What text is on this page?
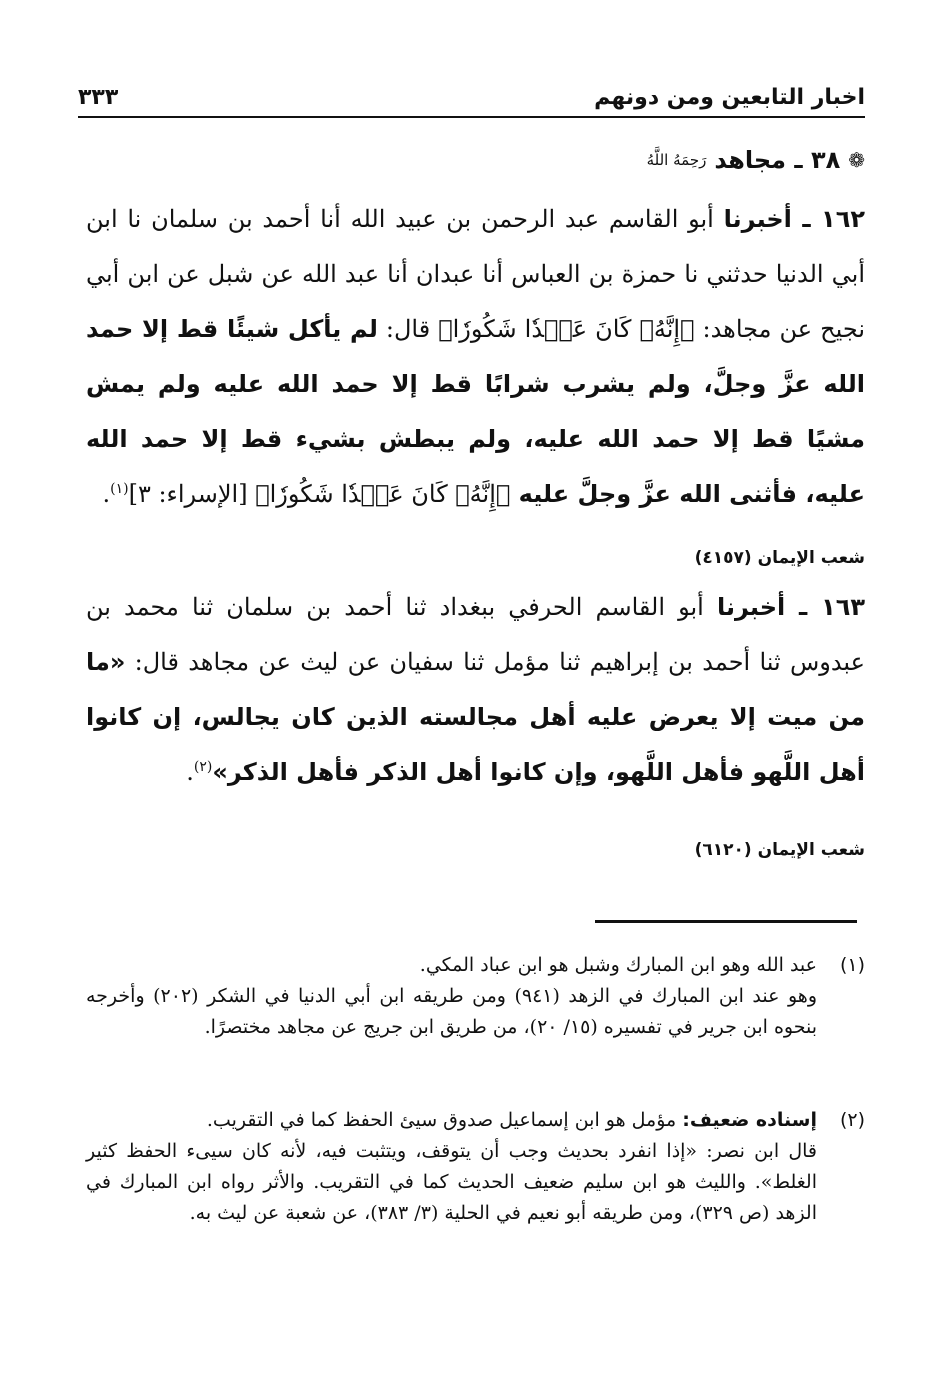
اخبار التابعين ومن دونهم
٣٣٣
❁
٣٨ ـ مجاهد
رَحِمَهُ اللَّهُ
١٦٢ ـ أخبرنا أبو القاسم عبد الرحمن بن عبيد الله أنا أحمد بن سلمان نا ابن أبي الدنيا حدثني نا حمزة بن العباس أنا عبدان أنا عبد الله عن شبل عن ابن أبي نجيح عن مجاهد: ﴿إِنَّهُۥ كَانَ عَبۡدٗا شَكُورٗا﴾ قال: لم يأكل شيئًا قط إلا حمد الله عزَّ وجلَّ، ولم يشرب شرابًا قط إلا حمد الله عليه ولم يمش مشيًا قط إلا حمد الله عليه، ولم يبطش بشيء قط إلا حمد الله عليه، فأثنى الله عزَّ وجلَّ عليه ﴿إِنَّهُۥ كَانَ عَبۡدٗا شَكُورٗا﴾ [الإسراء: ٣]$^{(١)}$.
شعب الإيمان (٤١٥٧)
١٦٣ ـ أخبرنا أبو القاسم الحرفي ببغداد ثنا أحمد بن سلمان ثنا محمد بن عبدوس ثنا أحمد بن إبراهيم ثنا مؤمل ثنا سفيان عن ليث عن مجاهد قال: «ما من ميت إلا يعرض عليه أهل مجالسته الذين كان يجالس، إن كانوا أهل اللَّهو فأهل اللَّهو، وإن كانوا أهل الذكر فأهل الذكر»$^{(٢)}$.
شعب الإيمان (٦١٢٠)
(١)

عبد الله وهو ابن المبارك وشبل هو ابن عباد المكي.

وهو عند ابن المبارك في الزهد (٩٤١) ومن طريقه ابن أبي الدنيا في الشكر (٢٠٢) وأخرجه بنحوه ابن جرير في تفسيره (١٥/ ٢٠)، من طريق ابن جريج عن مجاهد مختصرًا.

(٢)

إسناده ضعيف: مؤمل هو ابن إسماعيل صدوق سيئ الحفظ كما في التقريب.

قال ابن نصر: «إذا انفرد بحديث وجب أن يتوقف، ويتثبت فيه، لأنه كان سيىء الحفظ كثير الغلط». والليث هو ابن سليم ضعيف الحديث كما في التقريب. والأثر رواه ابن المبارك في الزهد (ص ٣٢٩)، ومن طريقه أبو نعيم في الحلية (٣/ ٣٨٣)، عن شعبة عن ليث به.
